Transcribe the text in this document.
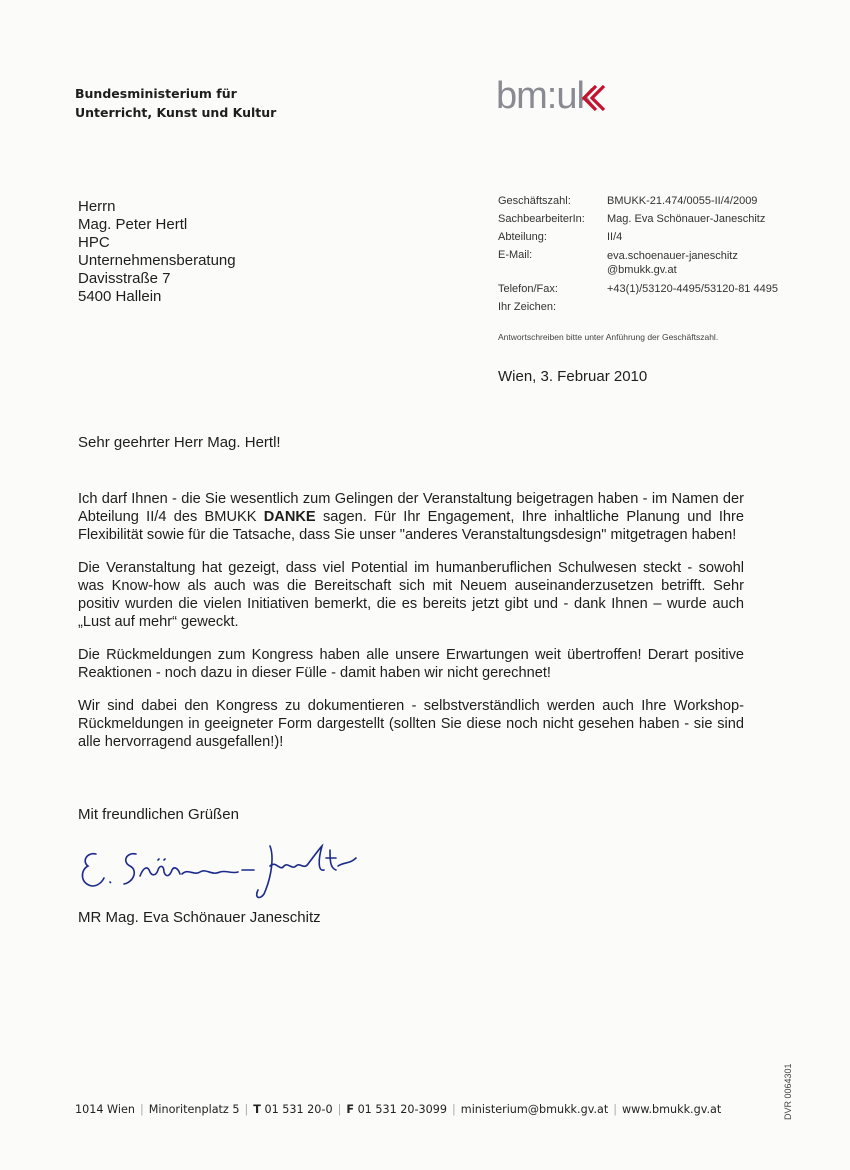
Bundesministerium für
Unterricht, Kunst und Kultur	bm:uk
Herrn
Mag. Peter Hertl
HPC
Unternehmensberatung
Davisstraße 7
5400 Hallein
Geschäftszahl:	BMUKK-21.474/0055-II/4/2009
SachbearbeiterIn:	Mag. Eva Schönauer-Janeschitz
Abteilung:	II/4
E-Mail:	eva.schoenauer-janeschitz@bmukk.gv.at
Telefon/Fax:	+43(1)/53120-4495/53120-81 4495
Ihr Zeichen:
Antwortschreiben bitte unter Anführung der Geschäftszahl.
Wien, 3. Februar 2010
Sehr geehrter Herr Mag. Hertl!

Ich darf Ihnen - die Sie wesentlich zum Gelingen der Veranstaltung beigetragen haben - im Namen der Abteilung II/4 des BMUKK DANKE sagen. Für Ihr Engagement, Ihre inhaltliche Planung und Ihre Flexibilität sowie für die Tatsache, dass Sie unser "anderes Veranstaltungsdesign" mitgetragen haben!

Die Veranstaltung hat gezeigt, dass viel Potential im humanberuflichen Schulwesen steckt - sowohl was Know-how als auch was die Bereitschaft sich mit Neuem auseinanderzusetzen betrifft. Sehr positiv wurden die vielen Initiativen bemerkt, die es bereits jetzt gibt und - dank Ihnen – wurde auch „Lust auf mehr“ geweckt.

Die Rückmeldungen zum Kongress haben alle unsere Erwartungen weit übertroffen! Derart positive Reaktionen - noch dazu in dieser Fülle - damit haben wir nicht gerechnet!

Wir sind dabei den Kongress zu dokumentieren - selbstverständlich werden auch Ihre Workshop-Rückmeldungen in geeigneter Form dargestellt (sollten Sie diese noch nicht gesehen haben - sie sind alle hervorragend ausgefallen!)!

Mit freundlichen Grüßen
MR Mag. Eva Schönauer Janeschitz
1014 Wien | Minoritenplatz 5 | T 01 531 20-0 | F 01 531 20-3099 | ministerium@bmukk.gv.at | www.bmukk.gv.at	DVR 0064301
